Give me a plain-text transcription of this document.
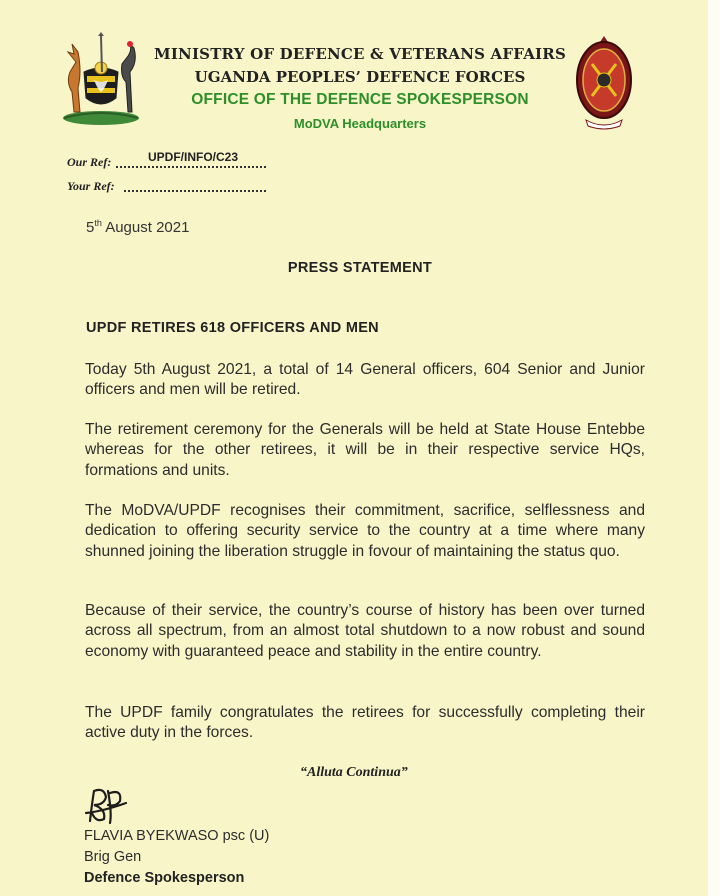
MINISTRY OF DEFENCE & VETERANS AFFAIRS
UGANDA PEOPLES’ DEFENCE FORCES
OFFICE OF THE DEFENCE SPOKESPERSON
MoDVA Headquarters
Our Ref:	UPDF/INFO/C23
Your Ref:
5th August 2021
PRESS STATEMENT
UPDF RETIRES 618 OFFICERS AND MEN

Today 5th August 2021, a total of 14 General officers, 604 Senior and Junior officers and men will be retired.

The retirement ceremony for the Generals will be held at State House Entebbe whereas for the other retirees, it will be in their respective service HQs, formations and units.

The MoDVA/UPDF recognises their commitment, sacrifice, selflessness and dedication to offering security service to the country at a time where many shunned joining the liberation struggle in fovour of maintaining the status quo.

Because of their service, the country’s course of history has been over turned across all spectrum, from an almost total shutdown to a now robust and sound economy with guaranteed peace and stability in the entire country.

The UPDF family congratulates the retirees for successfully completing their active duty in the forces.

“Alluta Continua”
FLAVIA BYEKWASO psc (U)
Brig Gen
Defence Spokesperson
